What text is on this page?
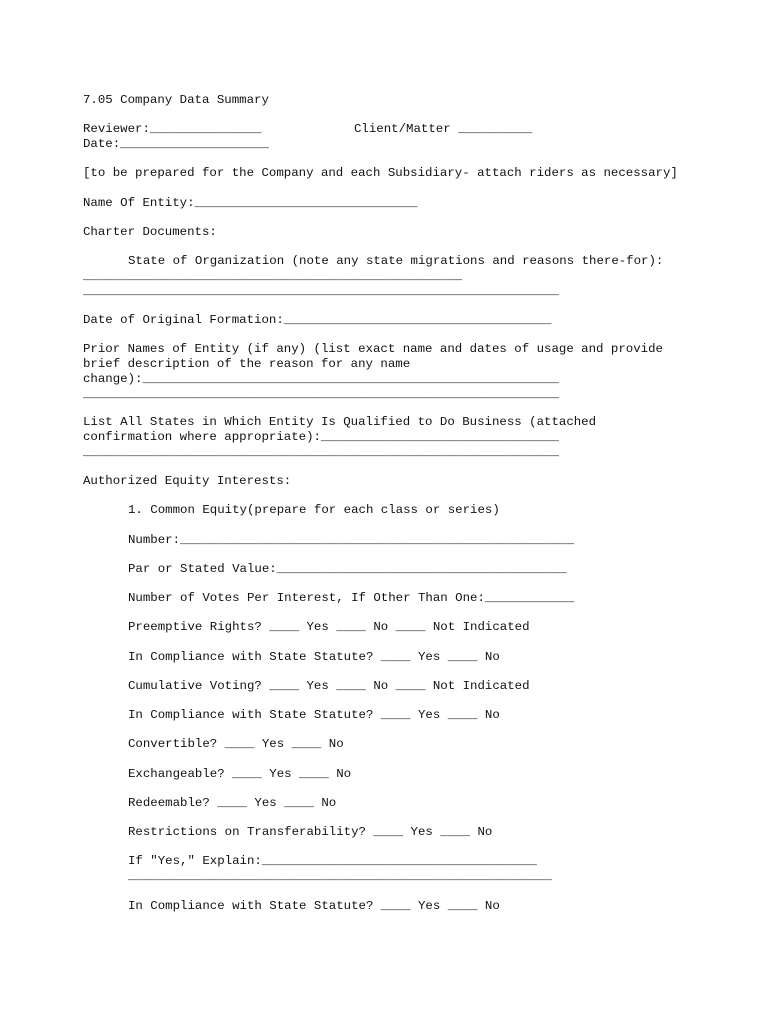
7.05 Company Data Summary
Reviewer:_______________	Client/Matter __________
Date:____________________
[to be prepared for the Company and each Subsidiary- attach riders as necessary]
Name Of Entity:______________________________
Charter Documents:
State of Organization (note any state migrations and reasons there-for):
___________________________________________________
________________________________________________________________
Date of Original Formation:____________________________________
Prior Names of Entity (if any) (list exact name and dates of usage and provide
brief description of the reason for any name
change):________________________________________________________
________________________________________________________________
List All States in Which Entity Is Qualified to Do Business (attached
confirmation where appropriate):________________________________
________________________________________________________________
Authorized Equity Interests:
1. Common Equity(prepare for each class or series)
Number:_____________________________________________________
Par or Stated Value:_______________________________________
Number of Votes Per Interest, If Other Than One:____________
Preemptive Rights? ____ Yes ____ No ____ Not Indicated
In Compliance with State Statute? ____ Yes ____ No
Cumulative Voting? ____ Yes ____ No ____ Not Indicated
In Compliance with State Statute? ____ Yes ____ No
Convertible? ____ Yes ____ No
Exchangeable? ____ Yes ____ No
Redeemable? ____ Yes ____ No
Restrictions on Transferability? ____ Yes ____ No
If "Yes," Explain:_____________________________________
_________________________________________________________
In Compliance with State Statute? ____ Yes ____ No
